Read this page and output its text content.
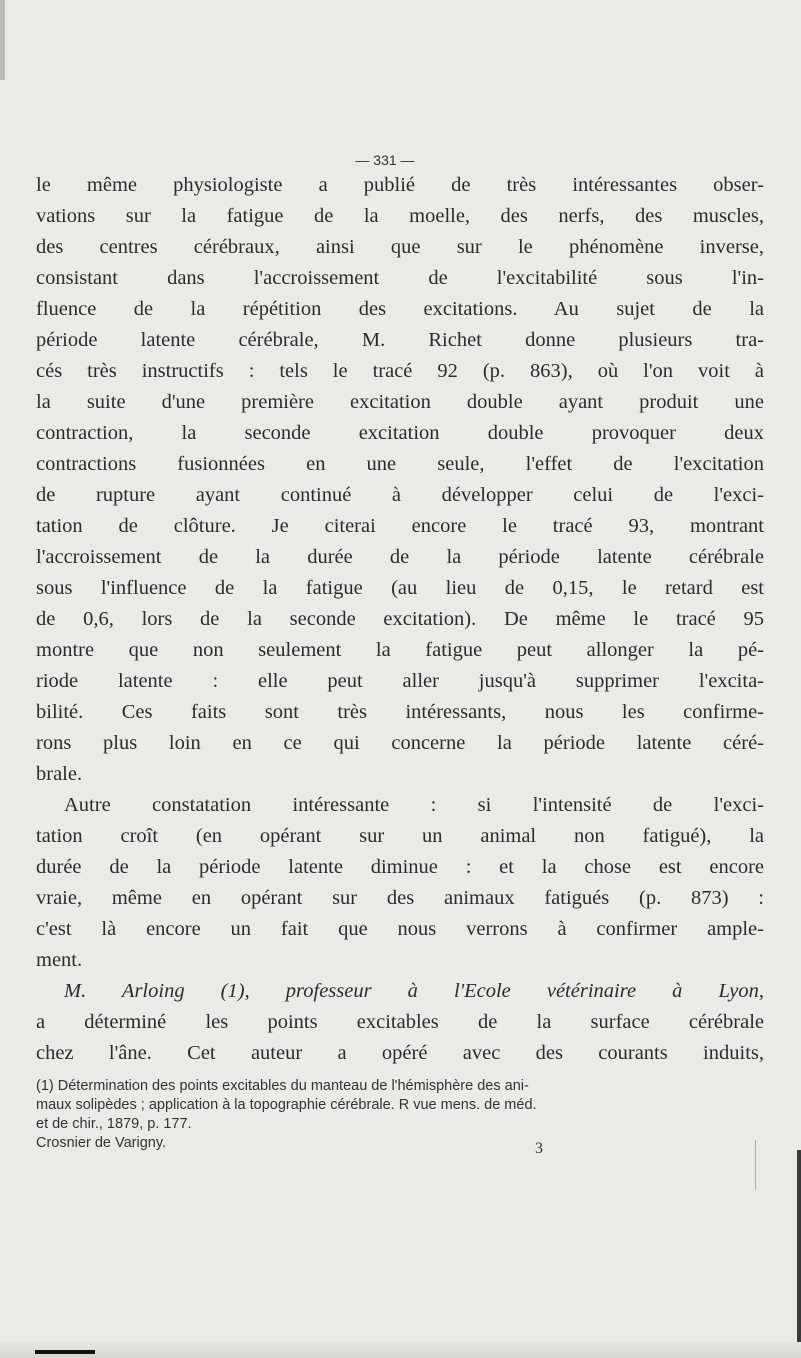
— 331 —
le même physiologiste a publié de très intéressantes obser-
vations sur la fatigue de la moelle, des nerfs, des muscles,
des centres cérébraux, ainsi que sur le phénomène inverse,
consistant dans l'accroissement de l'excitabilité sous l'in-
fluence de la répétition des excitations. Au sujet de la
période latente cérébrale, M. Richet donne plusieurs tra-
cés très instructifs : tels le tracé 92 (p. 863), où l'on voit à
la suite d'une première excitation double ayant produit une
contraction, la seconde excitation double provoquer deux
contractions fusionnées en une seule, l'effet de l'excitation
de rupture ayant continué à développer celui de l'exci-
tation de clôture. Je citerai encore le tracé 93, montrant
l'accroissement de la durée de la période latente cérébrale
sous l'influence de la fatigue (au lieu de 0,15, le retard est
de 0,6, lors de la seconde excitation). De même le tracé 95
montre que non seulement la fatigue peut allonger la pé-
riode latente : elle peut aller jusqu'à supprimer l'excita-
bilité. Ces faits sont très intéressants, nous les confirme-
rons plus loin en ce qui concerne la période latente céré-
brale.
Autre constatation intéressante : si l'intensité de l'exci-
tation croît (en opérant sur un animal non fatigué), la
durée de la période latente diminue : et la chose est encore
vraie, même en opérant sur des animaux fatigués (p. 873) :
c'est là encore un fait que nous verrons à confirmer ample-
ment.
M. Arloing (1), professeur à l'Ecole vétérinaire à Lyon,
a déterminé les points excitables de la surface cérébrale
chez l'âne. Cet auteur a opéré avec des courants induits,
(1) Détermination des points excitables du manteau de l'hémisphère des ani-
maux solipèdes ; application à la topographie cérébrale. R vue mens. de méd.
et de chir., 1879, p. 177.
Crosnier de Varigny.	3
